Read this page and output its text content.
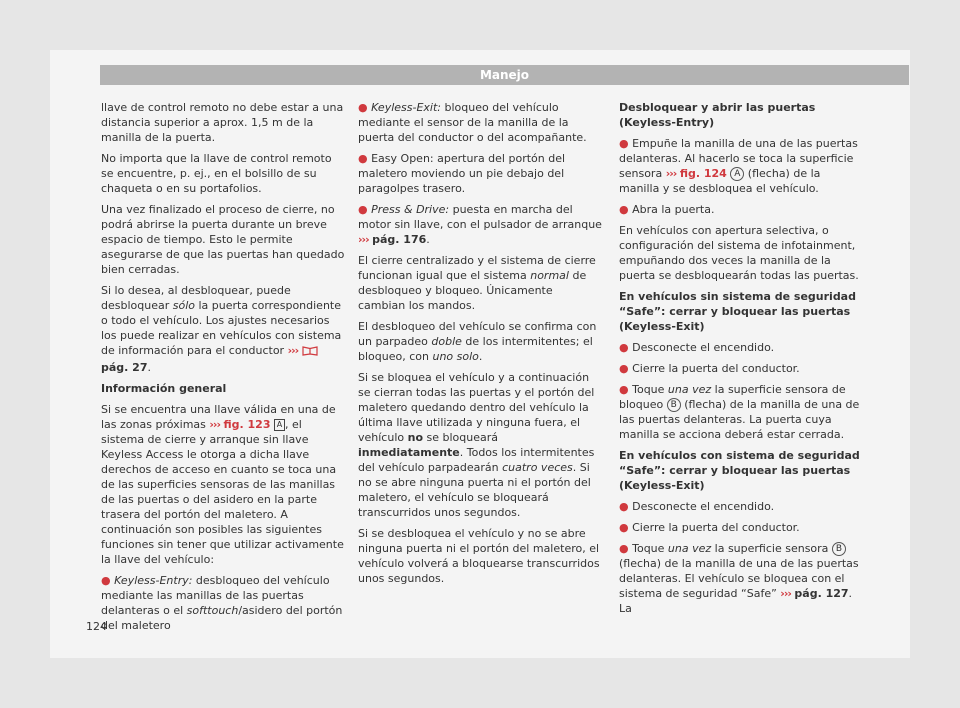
Manejo

llave de control remoto no debe estar a una distancia superior a aprox. 1,5 m de la manilla de la puerta.

No importa que la llave de control remoto se encuentre, p. ej., en el bolsillo de su chaqueta o en su portafolios.

Una vez finalizado el proceso de cierre, no podrá abrirse la puerta durante un breve espacio de tiempo. Esto le permite asegurarse de que las puertas han quedado bien cerradas.

Si lo desea, al desbloquear, puede desbloquear sólo la puerta correspondiente o todo el vehículo. Los ajustes necesarios los puede realizar en vehículos con sistema de información para el conductor ›››  pág. 27.

Información general

Si se encuentra una llave válida en una de las zonas próximas ››› fig. 123 A , el sistema de cierre y arranque sin llave Keyless Access le otorga a dicha llave derechos de acceso en cuanto se toca una de las superficies sensoras de las manillas de las puertas o del asidero en la parte trasera del portón del maletero. A continuación son posibles las siguientes funciones sin tener que utilizar activamente la llave del vehículo:

● Keyless-Entry: desbloqueo del vehículo mediante las manillas de las puertas delanteras o el softtouch/asidero del portón del maletero

● Keyless-Exit: bloqueo del vehículo mediante el sensor de la manilla de la puerta del conductor o del acompañante.

● Easy Open: apertura del portón del maletero moviendo un pie debajo del paragolpes trasero.

● Press & Drive: puesta en marcha del motor sin llave, con el pulsador de arranque ››› pág. 176.

El cierre centralizado y el sistema de cierre funcionan igual que el sistema normal de desbloqueo y bloqueo. Únicamente cambian los mandos.

El desbloqueo del vehículo se confirma con un parpadeo doble de los intermitentes; el bloqueo, con uno solo.

Si se bloquea el vehículo y a continuación se cierran todas las puertas y el portón del maletero quedando dentro del vehículo la última llave utilizada y ninguna fuera, el vehículo no se bloqueará inmediatamente. Todos los intermitentes del vehículo parpadearán cuatro veces. Si no se abre ninguna puerta ni el portón del maletero, el vehículo se bloqueará transcurridos unos segundos.

Si se desbloquea el vehículo y no se abre ninguna puerta ni el portón del maletero, el vehículo volverá a bloquearse transcurridos unos segundos.

Desbloquear y abrir las puertas (Keyless-Entry)

● Empuñe la manilla de una de las puertas delanteras. Al hacerlo se toca la superficie sensora ››› fig. 124 A (flecha) de la manilla y se desbloquea el vehículo.

● Abra la puerta.

En vehículos con apertura selectiva, o configuración del sistema de infotainment, empuñando dos veces la manilla de la puerta se desbloquearán todas las puertas.

En vehículos sin sistema de seguridad “Safe”: cerrar y bloquear las puertas (Keyless-Exit)

● Desconecte el encendido.

● Cierre la puerta del conductor.

● Toque una vez la superficie sensora de bloqueo B (flecha) de la manilla de una de las puertas delanteras. La puerta cuya manilla se acciona deberá estar cerrada.

En vehículos con sistema de seguridad “Safe”: cerrar y bloquear las puertas (Keyless-Exit)

● Desconecte el encendido.

● Cierre la puerta del conductor.

● Toque una vez la superficie sensora B (flecha) de la manilla de una de las puertas delanteras. El vehículo se bloquea con el sistema de seguridad “Safe” ››› pág. 127. La

124
